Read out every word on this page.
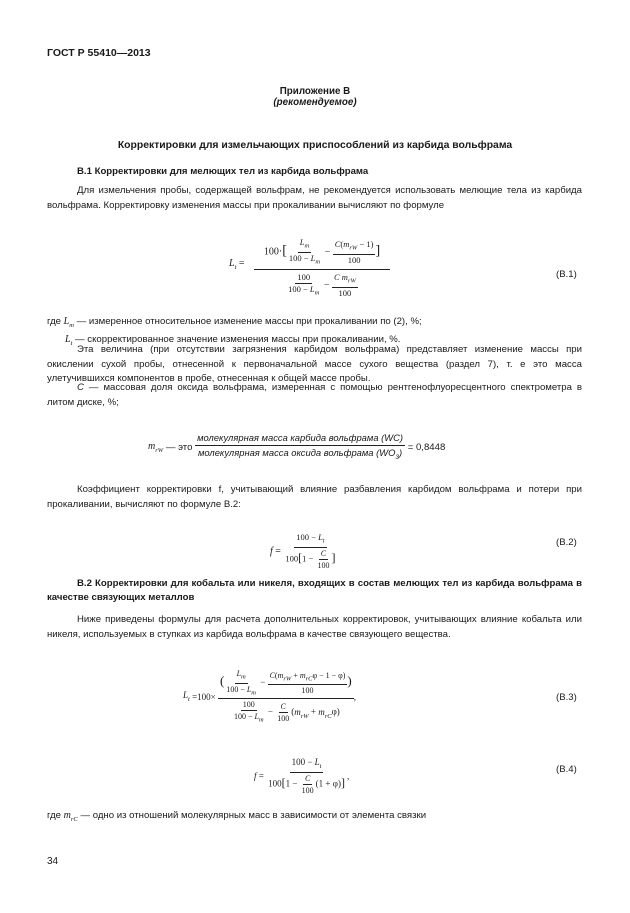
ГОСТ Р 55410—2013
Приложение В
(рекомендуемое)
Корректировки для измельчающих приспособлений из карбида вольфрама
В.1 Корректировки для мелющих тел из карбида вольфрама
Для измельчения пробы, содержащей вольфрам, не рекомендуется использовать мелющие тела из карбида вольфрама. Корректировку изменения массы при прокаливании вычисляют по формуле
$L_t$ =
$100\cdot[ \frac{L_m}{100 - L_m} - \frac{C(m_{rW} - 1)}{100}$ ]
$\frac{100}{100 - L_m} - \frac{C m_{rW}}{100}$	(В.1)
где $L_m$ — измеренное относительное изменение массы при прокаливании по (2), %;
$L_t$ — скорректированное значение изменения массы при прокаливании, %.
Эта величина (при отсутствии загрязнения карбидом вольфрама) представляет изменение массы при окислении сухой пробы, отнесенной к первоначальной массе сухого вещества (раздел 7), т. е это масса улетучившихся компонентов в пробе, отнесенная к общей массе пробы.
C — массовая доля оксида вольфрама, измеренная с помощью рентгенофлуоресцентного спектрометра в литом диске, %;
$m_{rW}$
— это
$\frac{\text{молекулярная масса карбида вольфрама (WC)}}{молекулярная масса оксида вольфрама (WO_3)}$
= 0,8448
Коэффициент корректировки f, учитывающий влияние разбавления карбидом вольфрама и потери при прокаливании, вычисляют по формуле В.2:
$f = \frac{100 - L_t}{100[1 - \frac{C}{100} ]}$	(В.2)
В.2 Корректировки для кобальта или никеля, входящих в состав мелющих тел из карбида вольфрама в качестве связующих металлов
Ниже приведены формулы для расчета дополнительных корректировок, учитывающих влияние кобальта или никеля, используемых в ступках из карбида вольфрама в качестве связующего вещества.
$L_t =100\times \frac{( \frac{L_m}{100 - L_m} - \frac{C(m_{rW} + m_{rC}\varphi - 1 - \varphi)}{100} )}{\frac{100}{100 - L_m} - \frac{C}{100} (m_{rW} + m_{rC}\varphi)}$ ,	(В.3)
$f = \frac{100 - L_t}{100[1 - \frac{C}{100} (1 + \varphi)]}$ ,
(В.4)
где $m_{rC}$ — одно из отношений молекулярных масс в зависимости от элемента связки
34
